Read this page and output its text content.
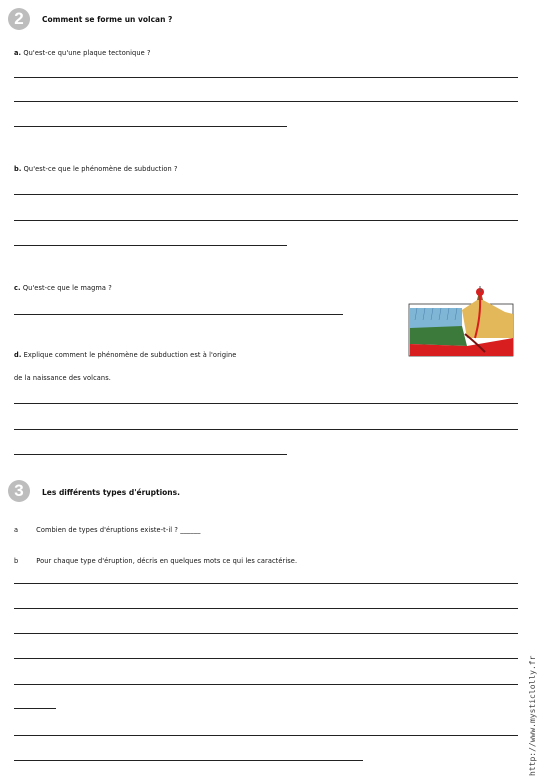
2 Comment se forme un volcan ?
a. Qu'est-ce qu'une plaque tectonique ?
b. Qu'est-ce que le phénomène de subduction ?
c. Qu'est-ce que le magma ?
d. Explique comment le phénomène de subduction est à l'origine
de la naissance des volcans.
3 Les différents types d'éruptions.
a	Combien de types d'éruptions existe-t-il ? ______
b	Pour chaque type d'éruption, décris en quelques mots ce qui les caractérise.
http://www.mysticlolly.fr
